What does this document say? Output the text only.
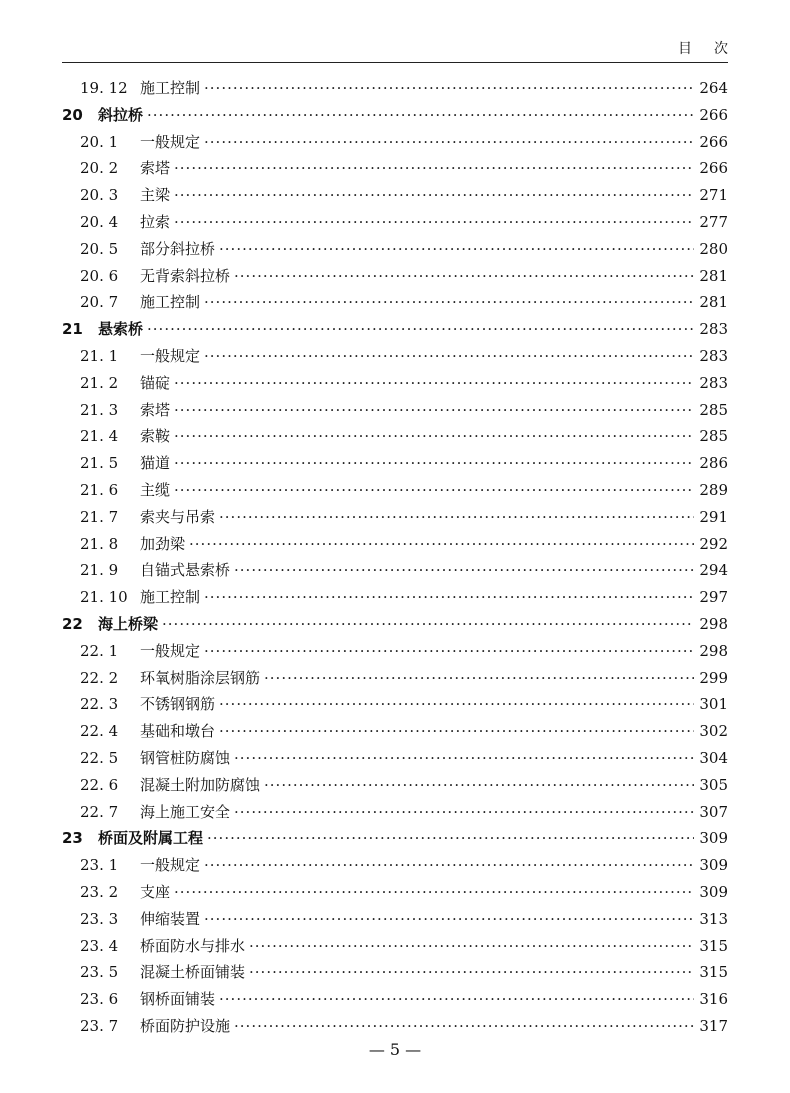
目次
19. 12 施工控制 ·····	264
20	斜拉桥 ·····	266
20. 1	一般规定 ·····	266
20. 2	索塔 ·····	266
20. 3	主梁 ·····	271
20. 4	拉索 ·····	277
20. 5	部分斜拉桥 ·····	280
20. 6	无背索斜拉桥 ·····	281
20. 7	施工控制 ·····	281
21	悬索桥 ·····	283
21. 1	一般规定 ·····	283
21. 2	锚碇 ·····	283
21. 3	索塔 ·····	285
21. 4	索鞍 ·····	285
21. 5	猫道 ·····	286
21. 6	主缆 ·····	289
21. 7	索夹与吊索 ·····	291
21. 8	加劲梁 ·····	292
21. 9	自锚式悬索桥 ·····	294
21. 10 施工控制 ·····	297
22	海上桥梁 ·····	298
22. 1	一般规定 ·····	298
22. 2	环氧树脂涂层钢筋 ·····	299
22. 3	不锈钢钢筋 ·····	301
22. 4	基础和墩台 ·····	302
22. 5	钢管桩防腐蚀 ·····	304
22. 6	混凝土附加防腐蚀 ·····	305
22. 7	海上施工安全 ·····	307
23	桥面及附属工程 ·····	309
23. 1	一般规定 ·····	309
23. 2	支座 ·····	309
23. 3	伸缩装置 ·····	313
23. 4	桥面防水与排水 ·····	315
23. 5	混凝土桥面铺装 ·····	315
23. 6	钢桥面铺装 ·····	316
23. 7	桥面防护设施 ·····	317
— 5 —
